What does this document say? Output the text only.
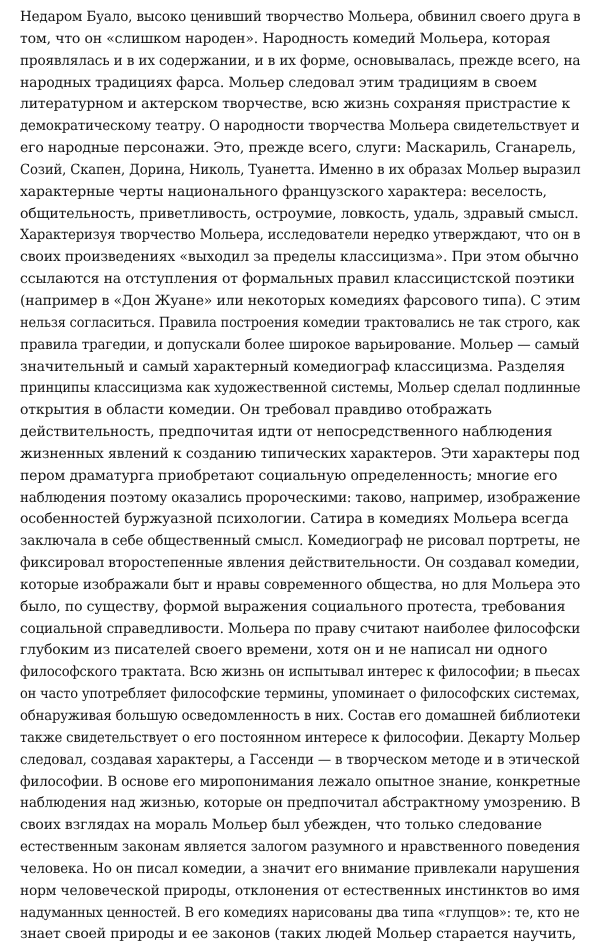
Недаром Буало, высоко ценивший творчество Мольера, обвинил своего друга в
том, что он «слишком народен». Народность комедий Мольера, которая
проявлялась и в их содержании, и в их форме, основывалась, прежде всего, на
народных традициях фарса. Мольер следовал этим традициям в своем
литературном и актерском творчестве, всю жизнь сохраняя пристрастие к
демократическому театру. О народности творчества Мольера свидетельствует и
его народные персонажи. Это, прежде всего, слуги: Маскариль, Сганарель,
Созий, Скапен, Дорина, Николь, Туанетта. Именно в их образах Мольер выразил
характерные черты национального французского характера: веселость,
общительность, приветливость, остроумие, ловкость, удаль, здравый смысл.
Характеризуя творчество Мольера, исследователи нередко утверждают, что он в
своих произведениях «выходил за пределы классицизма». При этом обычно
ссылаются на отступления от формальных правил классицистской поэтики
(например в «Дон Жуане» или некоторых комедиях фарсового типа). С этим
нельзя согласиться. Правила построения комедии трактовались не так строго, как
правила трагедии, и допускали более широкое варьирование. Мольер — самый
значительный и самый характерный комедиограф классицизма. Разделяя
принципы классицизма как художественной системы, Мольер сделал подлинные
открытия в области комедии. Он требовал правдиво отображать
действительность, предпочитая идти от непосредственного наблюдения
жизненных явлений к созданию типических характеров. Эти характеры под
пером драматурга приобретают социальную определенность; многие его
наблюдения поэтому оказались пророческими: таково, например, изображение
особенностей буржуазной психологии. Сатира в комедиях Мольера всегда
заключала в себе общественный смысл. Комедиограф не рисовал портреты, не
фиксировал второстепенные явления действительности. Он создавал комедии,
которые изображали быт и нравы современного общества, но для Мольера это
было, по существу, формой выражения социального протеста, требования
социальной справедливости. Мольера по праву считают наиболее философски
глубоким из писателей своего времени, хотя он и не написал ни одного
философского трактата. Всю жизнь он испытывал интерес к философии; в пьесах
он часто употребляет философские термины, упоминает о философских системах,
обнаруживая большую осведомленность в них. Состав его домашней библиотеки
также свидетельствует о его постоянном интересе к философии. Декарту Мольер
следовал, создавая характеры, а Гассенди — в творческом методе и в этической
философии. В основе его миропонимания лежало опытное знание, конкретные
наблюдения над жизнью, которые он предпочитал абстрактному умозрению. В
своих взглядах на мораль Мольер был убежден, что только следование
естественным законам является залогом разумного и нравственного поведения
человека. Но он писал комедии, а значит его внимание привлекали нарушения
норм человеческой природы, отклонения от естественных инстинктов во имя
надуманных ценностей. В его комедиях нарисованы два типа «глупцов»: те, кто не
знает своей природы и ее законов (таких людей Мольер старается научить,
